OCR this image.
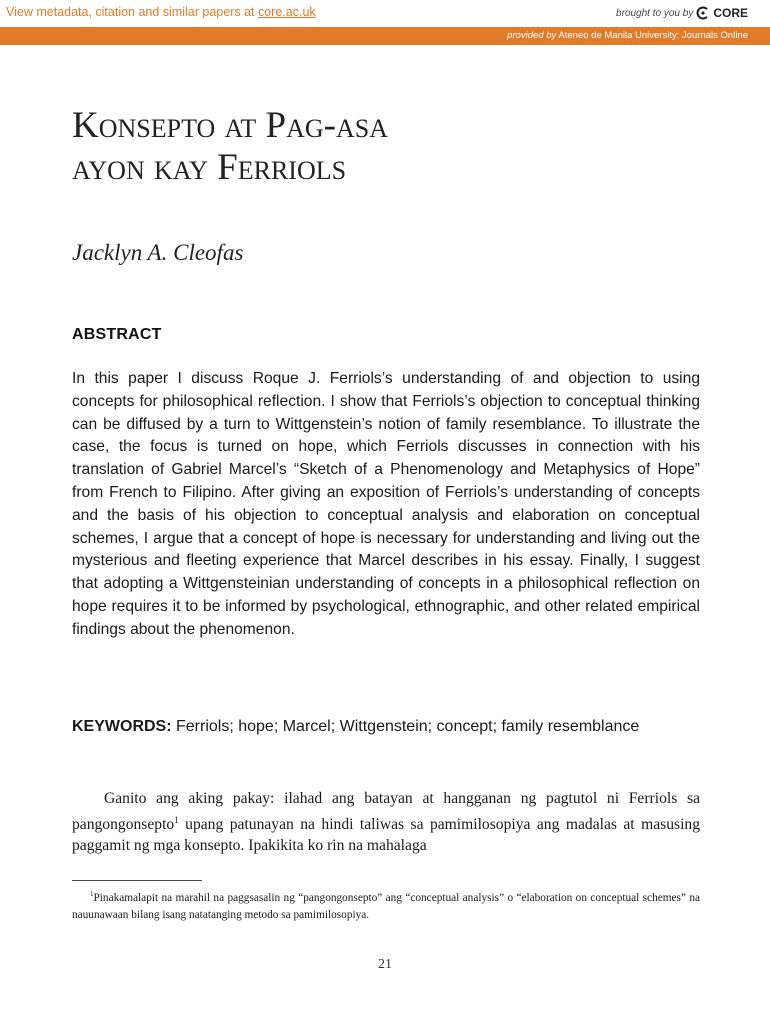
View metadata, citation and similar papers at core.ac.uk	brought to you by CORE
provided by Ateneo de Manila University: Journals Online
Konsepto at Pag-asa
ayon kay Ferriols
Jacklyn A. Cleofas
ABSTRACT
In this paper I discuss Roque J. Ferriols’s understanding of and objection to using concepts for philosophical reflection. I show that Ferriols’s objection to conceptual thinking can be diffused by a turn to Wittgenstein’s notion of family resemblance. To illustrate the case, the focus is turned on hope, which Ferriols discusses in connection with his translation of Gabriel Marcel’s “Sketch of a Phenomenology and Metaphysics of Hope” from French to Filipino. After giving an exposition of Ferriols’s understanding of concepts and the basis of his objection to conceptual analysis and elaboration on conceptual schemes, I argue that a concept of hope is necessary for understanding and living out the mysterious and fleeting experience that Marcel describes in his essay. Finally, I suggest that adopting a Wittgensteinian understanding of concepts in a philosophical reflection on hope requires it to be informed by psychological, ethnographic, and other related empirical findings about the phenomenon.
KEYWORDS: Ferriols; hope; Marcel; Wittgenstein; concept; family resemblance

Ganito ang aking pakay: ilahad ang batayan at hangganan ng pagtutol ni Ferriols sa pangongonsepto$^1$ upang patunayan na hindi taliwas sa pamimilosopiya ang madalas at masusing paggamit ng mga konsepto. Ipakikita ko rin na mahalaga

$^1$Pinakamalapit na marahil na paggsasalin ng “pangongonsepto” ang “conceptual analysis” o “elaboration on conceptual schemes” na nauunawaan bilang isang natatanging metodo sa pamimilosopiya.

21
